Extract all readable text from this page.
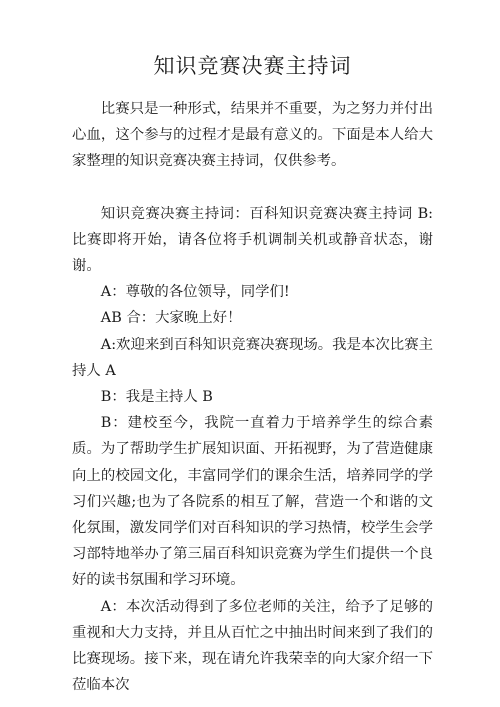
知识竞赛决赛主持词

比赛只是一种形式，结果并不重要，为之努力并付出心血，这个参与的过程才是最有意义的。下面是本人给大家整理的知识竞赛决赛主持词，仅供参考。

知识竞赛决赛主持词：百科知识竞赛决赛主持词 B:比赛即将开始，请各位将手机调制关机或静音状态，谢谢。

A：尊敬的各位领导，同学们!

AB 合：大家晚上好！

A:欢迎来到百科知识竞赛决赛现场。我是本次比赛主持人 A

B：我是主持人 B

B：建校至今，我院一直着力于培养学生的综合素质。为了帮助学生扩展知识面、开拓视野，为了营造健康向上的校园文化，丰富同学们的课余生活，培养同学的学习们兴趣;也为了各院系的相互了解，营造一个和谐的文化氛围，激发同学们对百科知识的学习热情，校学生会学习部特地举办了第三届百科知识竞赛为学生们提供一个良好的读书氛围和学习环境。

A：本次活动得到了多位老师的关注，给予了足够的重视和大力支持，并且从百忙之中抽出时间来到了我们的比赛现场。接下来，现在请允许我荣幸的向大家介绍一下莅临本次
